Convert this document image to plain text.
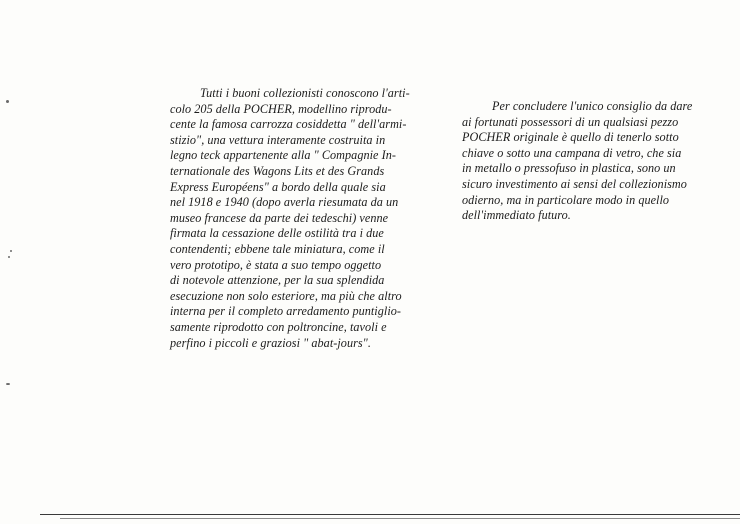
Tutti i buoni collezionisti conoscono l'arti-
colo 205 della POCHER, modellino riprodu-
cente la famosa carrozza cosiddetta " dell'armi-
stizio", una vettura interamente costruita in
legno teck appartenente alla " Compagnie In-
ternationale des Wagons Lits et des Grands
Express Européens" a bordo della quale sia
nel 1918 e 1940 (dopo averla riesumata da un
museo francese da parte dei tedeschi) venne
firmata la cessazione delle ostilità tra i due
contendenti; ebbene tale miniatura, come il
vero prototipo, è stata a suo tempo oggetto
di notevole attenzione, per la sua splendida
esecuzione non solo esteriore, ma più che altro
interna per il completo arredamento puntiglio-
samente riprodotto con poltroncine, tavoli e
perfino i piccoli e graziosi " abat-jours".
Per concludere l'unico consiglio da dare
ai fortunati possessori di un qualsiasi pezzo
POCHER originale è quello di tenerlo sotto
chiave o sotto una campana di vetro, che sia
in metallo o pressofuso in plastica, sono un
sicuro investimento ai sensi del collezionismo
odierno, ma in particolare modo in quello
dell'immediato futuro.
